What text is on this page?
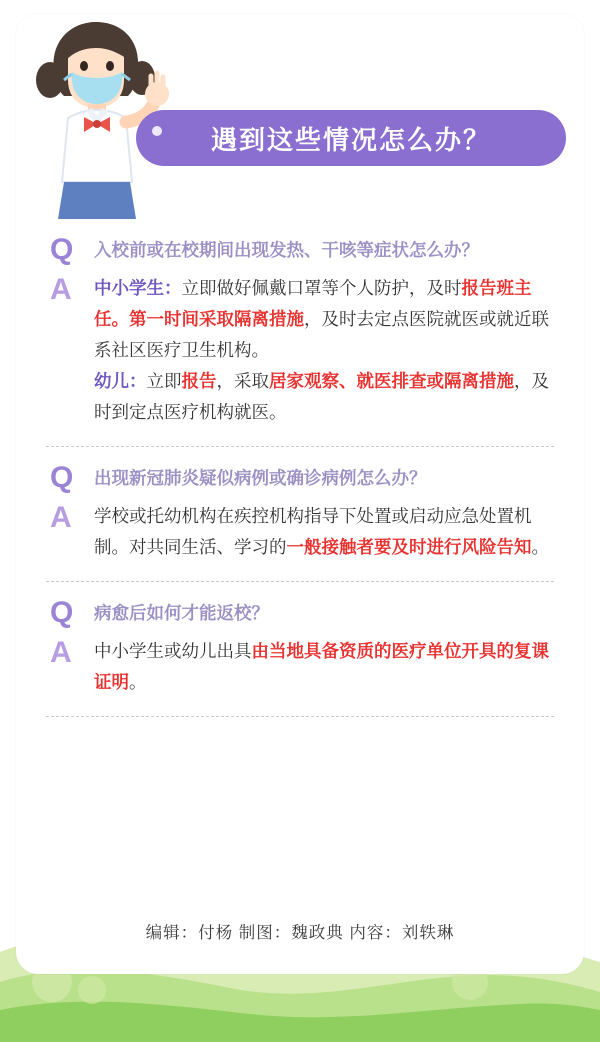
遇到这些情况怎么办？
Q	入校前或在校期间出现发热、干咳等症状怎么办？
A	中小学生：立即做好佩戴口罩等个人防护，及时报告班主任。第一时间采取隔离措施，及时去定点医院就医或就近联系社区医疗卫生机构。
幼儿：立即报告，采取居家观察、就医排查或隔离措施，及时到定点医疗机构就医。
Q	出现新冠肺炎疑似病例或确诊病例怎么办？
A	学校或托幼机构在疾控机构指导下处置或启动应急处置机制。对共同生活、学习的一般接触者要及时进行风险告知。
Q	病愈后如何才能返校？
A	中小学生或幼儿出具由当地具备资质的医疗单位开具的复课证明。
编辑：付杨 制图：魏政典 内容：刘轶琳
